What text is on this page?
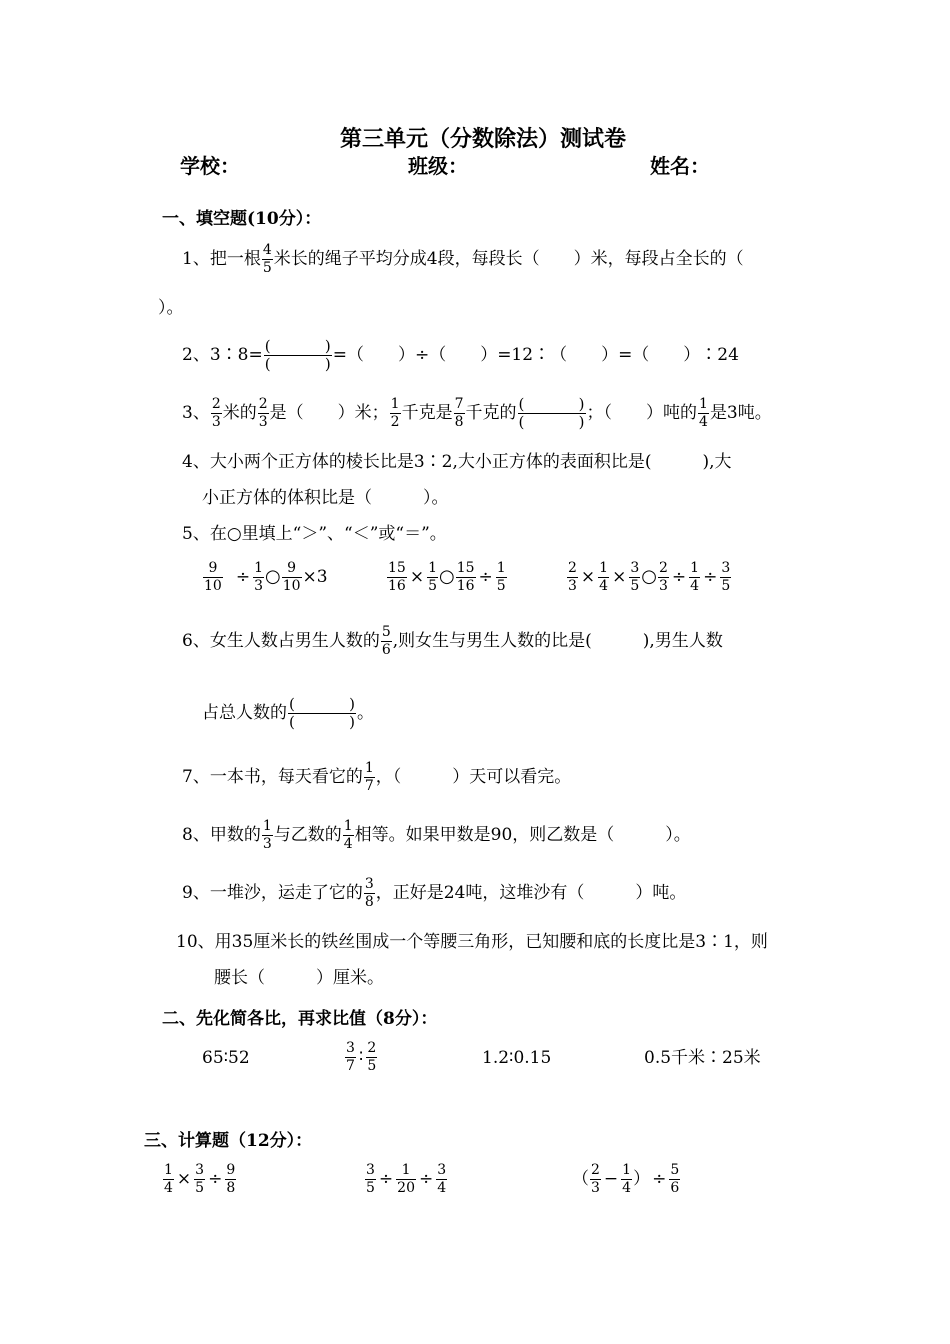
第三单元（分数除法）测试卷
学校：	班级：	姓名：
一、填空题(10分）：
1、把一根 $\frac{4}{5}$ 米长的绳子平均分成4段，每段长（　　）米，每段占全长的（
）。
2、3∶8= (	)
(	) =（　　）÷（　　）=12∶（　　）=（　　）∶24
3、 $\frac{2}{3}$ 米的 $\frac{2}{3}$ 是（　　）米； $\frac{1}{2}$ 千克是 $\frac{7}{8}$ 千克的 (	)
(	) ；（　　）吨的 $\frac{1}{4}$ 是3吨。
4、大小两个正方体的棱长比是3∶2,大小正方体的表面积比是(　　　),大
小正方体的体积比是（　　　）。
5、在○里填上“＞”、“＜”或“＝”。
$\frac{9}{10} \div \frac{1}{3}$ ○ $\frac{9}{10} \times 3$	$\frac{15}{16} \times \frac{1}{5}$ ○ $\frac{15}{16} \div \frac{1}{5}$	$\frac{2}{3} \times \frac{1}{4} \times \frac{3}{5}$ ○ $\frac{2}{3} \div \frac{1}{4} \div \frac{3}{5}$
6、女生人数占男生人数的 $\frac{5}{6}$ ,则女生与男生人数的比是(　　　),男生人数
占总人数的 (	)
(	) 。
7、一本书，每天看它的 $\frac{1}{7}$ ，（　　　）天可以看完。
8、甲数的 $\frac{1}{3}$ 与乙数的 $\frac{1}{4}$ 相等。如果甲数是90，则乙数是（　　　）。
9、一堆沙，运走了它的 $\frac{3}{8}$ ，正好是24吨，这堆沙有（　　　）吨。
10、用35厘米长的铁丝围成一个等腰三角形，已知腰和底的长度比是3∶1，则
腰长（　　　）厘米。
二、先化简各比，再求比值（8分）：
65∶52	$\frac{3}{7}$ ∶ $\frac{2}{5}$	1.2∶0.15	0.5千米∶25米
三、计算题（12分）：
$\frac{1}{4} \times \frac{3}{5} \div \frac{9}{8}$	$\frac{3}{5} \div \frac{1}{20} \div \frac{3}{4}$	（ $\frac{2}{3} - \frac{1}{4}$ ） ÷ $\frac{5}{6}$
